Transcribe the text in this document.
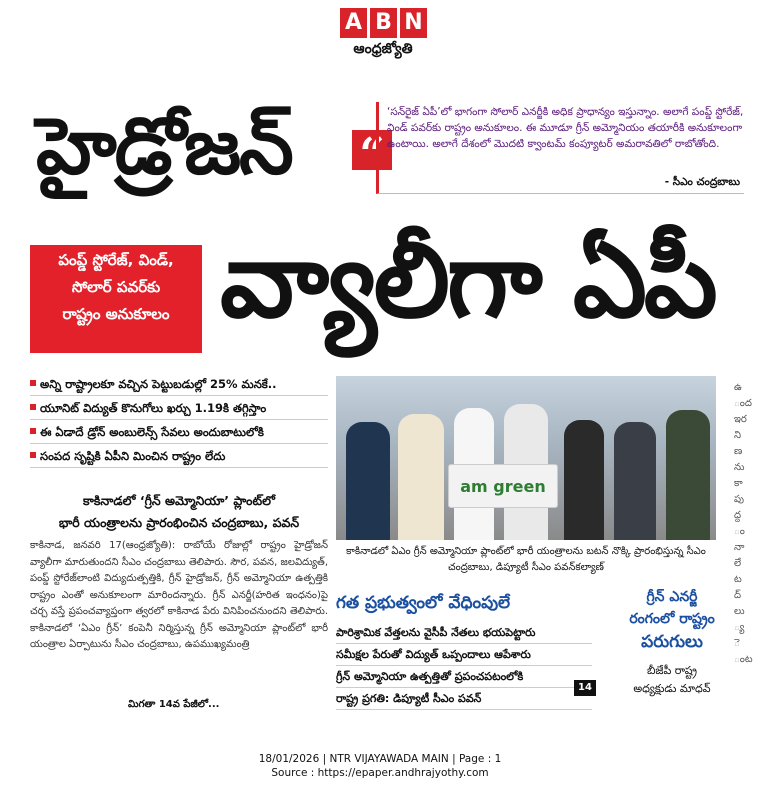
A B N
ఆంధ్రజ్యోతి
హైడ్రోజన్ “
‘సన్‌రైజ్ ఏపీ’లో భాగంగా సోలార్ ఎనర్జీకి అధిక ప్రాధాన్యం ఇస్తున్నాం. అలాగే పంప్డ్ స్టోరేజ్, విండ్ పవర్‌కు రాష్ట్రం అనుకూలం. ఈ మూడూ గ్రీన్ అమ్మోనియం తయారీకి అనుకూలంగా ఉంటాయి. అలాగే దేశంలో మొదటి క్వాంటమ్ కంప్యూటర్ అమరావతిలో రాబోతోంది.
- సీఎం చంద్రబాబు
పంప్డ్ స్టోరేజ్, విండ్,
సోలార్ పవర్‌కు
రాష్ట్రం అనుకూలం వ్యాలీగా ఏపీ
అన్ని రాష్ట్రాలకూ వచ్చిన పెట్టుబడుల్లో 25% మనకే..
యూనిట్ విద్యుత్ కొనుగోలు ఖర్చు 1.19కి తగ్గిస్తాం
ఈ ఏడాదే డ్రోన్ అంబులెన్స్ సేవలు అందుబాటులోకి
సంపద సృష్టికి ఏపీని మించిన రాష్ట్రం లేదు
కాకినాడలో ‘గ్రీన్ అమ్మోనియా’ ప్లాంట్‌లో
భారీ యంత్రాలను ప్రారంభించిన చంద్రబాబు, పవన్
కాకినాడ, జనవరి 17(ఆంధ్రజ్యోతి): రాబోయే రోజుల్లో రాష్ట్రం హైడ్రోజన్ వ్యాలీగా మారుతుందని సీఎం చంద్రబాబు తెలిపారు. సౌర, పవన, జలవిద్యుత్, పంప్డ్ స్టోరేజ్‌లాంటి విద్యుదుత్పత్తికి, గ్రీన్ హైడ్రోజన్, గ్రీన్ అమ్మోనియా ఉత్పత్తికి రాష్ట్రం ఎంతో అనుకూలంగా మారిందన్నారు. గ్రీన్ ఎనర్జీ(హరిత ఇంధనం)పై చర్చ వస్తే ప్రపంచవ్యాప్తంగా త్వరలో కాకినాడ పేరు వినిపించనుందని తెలిపారు. కాకినాడలో ‘ఏఎం గ్రీన్’ కంపెనీ నిర్మిస్తున్న గ్రీన్ అమ్మోనియా ప్లాంట్‌లో భారీ యంత్రాల ఏర్పాటును సీఎం చంద్రబాబు, ఉపముఖ్యమంత్రి
మిగతా 14వ పేజీలో...
am green
కాకినాడలో ఏఎం గ్రీన్ అమ్మోనియా ప్లాంట్‌లో భారీ యంత్రాలను బటన్ నొక్కి ప్రారంభిస్తున్న సీఎం చంద్రబాబు, డిప్యూటీ సీఎం పవన్‌కల్యాణ్
గత ప్రభుత్వంలో వేధింపులే
పారిశ్రామిక వేత్తలను వైసీపీ నేతలు భయపెట్టారు
సమీక్షల పేరుతో విద్యుత్ ఒప్పందాలు ఆపేశారు
గ్రీన్ అమ్మోనియా ఉత్పత్తితో ప్రపంచపటంలోకి
రాష్ట్ర ప్రగతి: డిప్యూటీ సీఎం పవన్
14
గ్రీన్ ఎనర్జీ
రంగంలో రాష్ట్రం
పరుగులు
బీజేపీ రాష్ట్ర
అధ్యక్షుడు మాధవ్
ఉ
ంద
ఇర
ని
ణ
ను
కా
పు
ద్ద
ం
నా
లే
ట
ద్
లు
్య
ె
ంట
18/01/2026 | NTR VIJAYAWADA MAIN | Page : 1
Source : https://epaper.andhrajyothy.com
